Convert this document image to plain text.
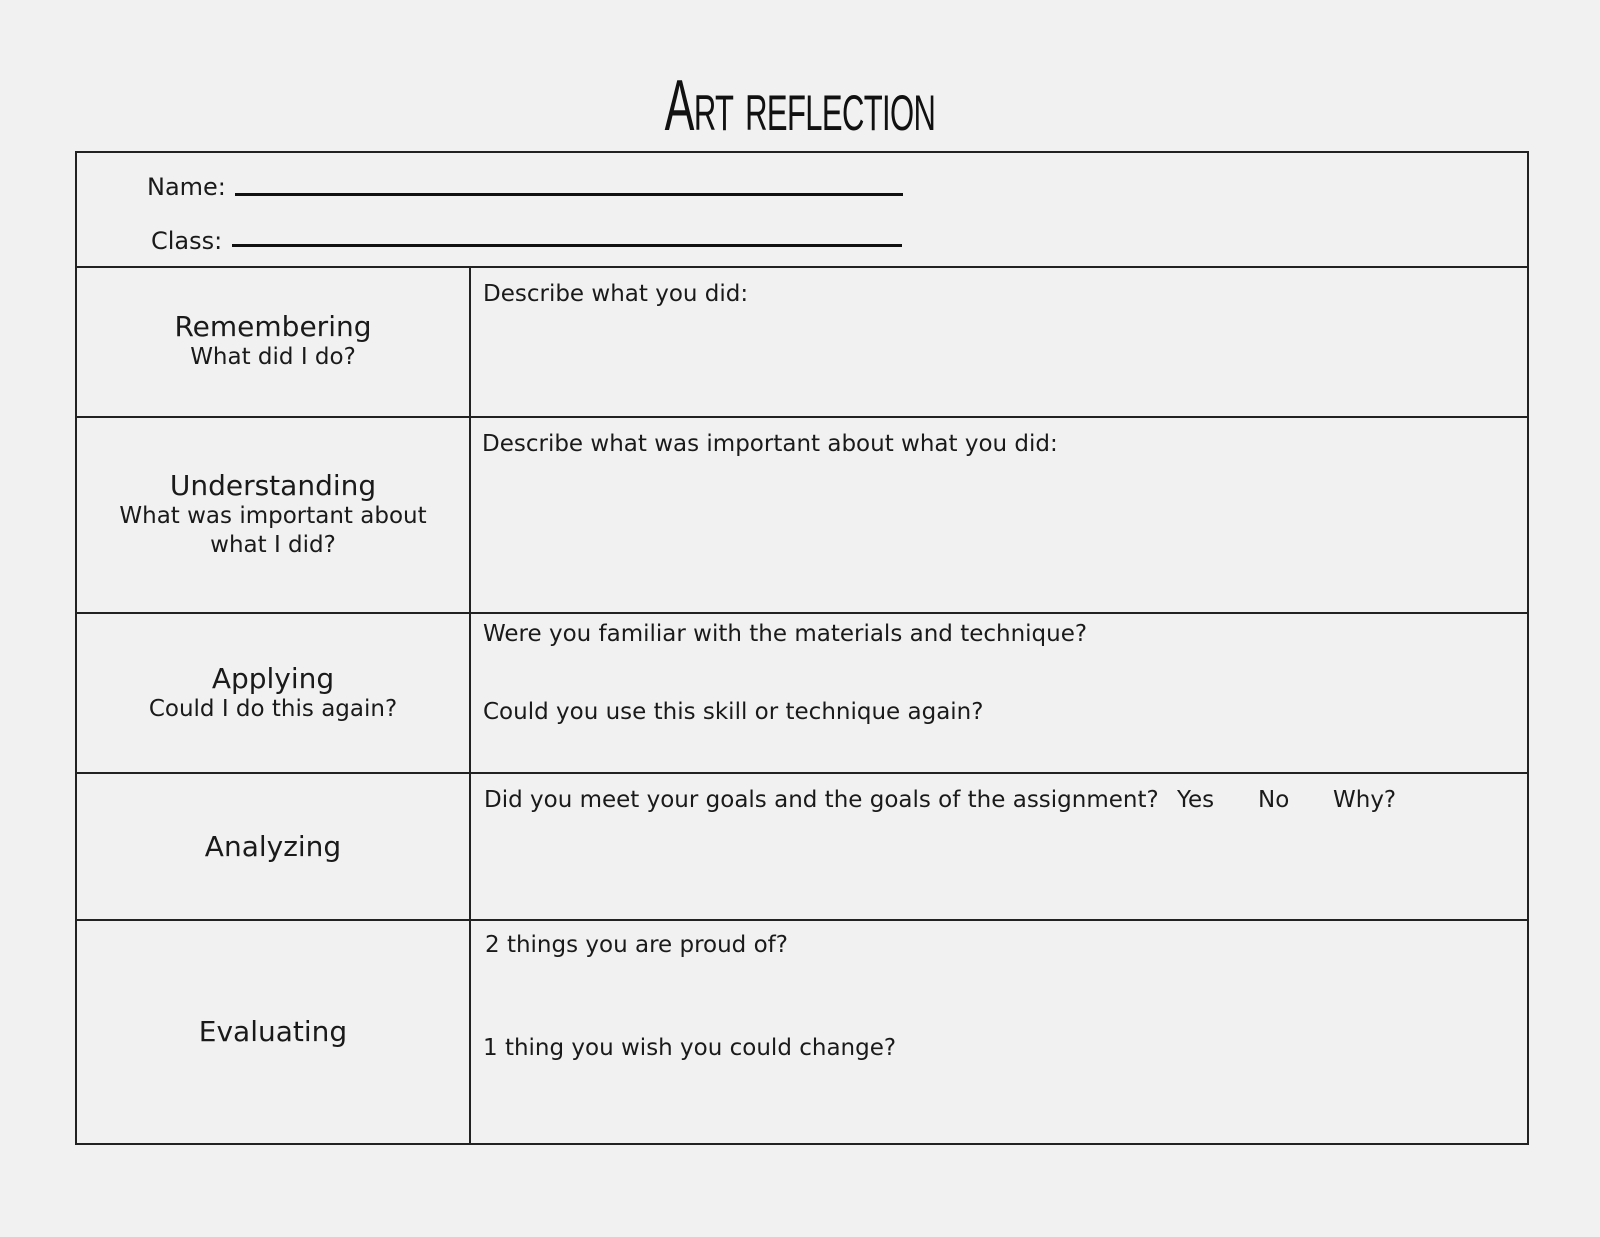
Art reflection
Name:
Class:
Remembering
What did I do?
Describe what you did:
Understanding
What was important about what I did?
Describe what was important about what you did:
Applying
Could I do this again?
Were you familiar with the materials and technique?
Could you use this skill or technique again?
Analyzing
Did you meet your goals and the goals of the assignment? Yes No Why?
Evaluating
2 things you are proud of?
1 thing you wish you could change?
